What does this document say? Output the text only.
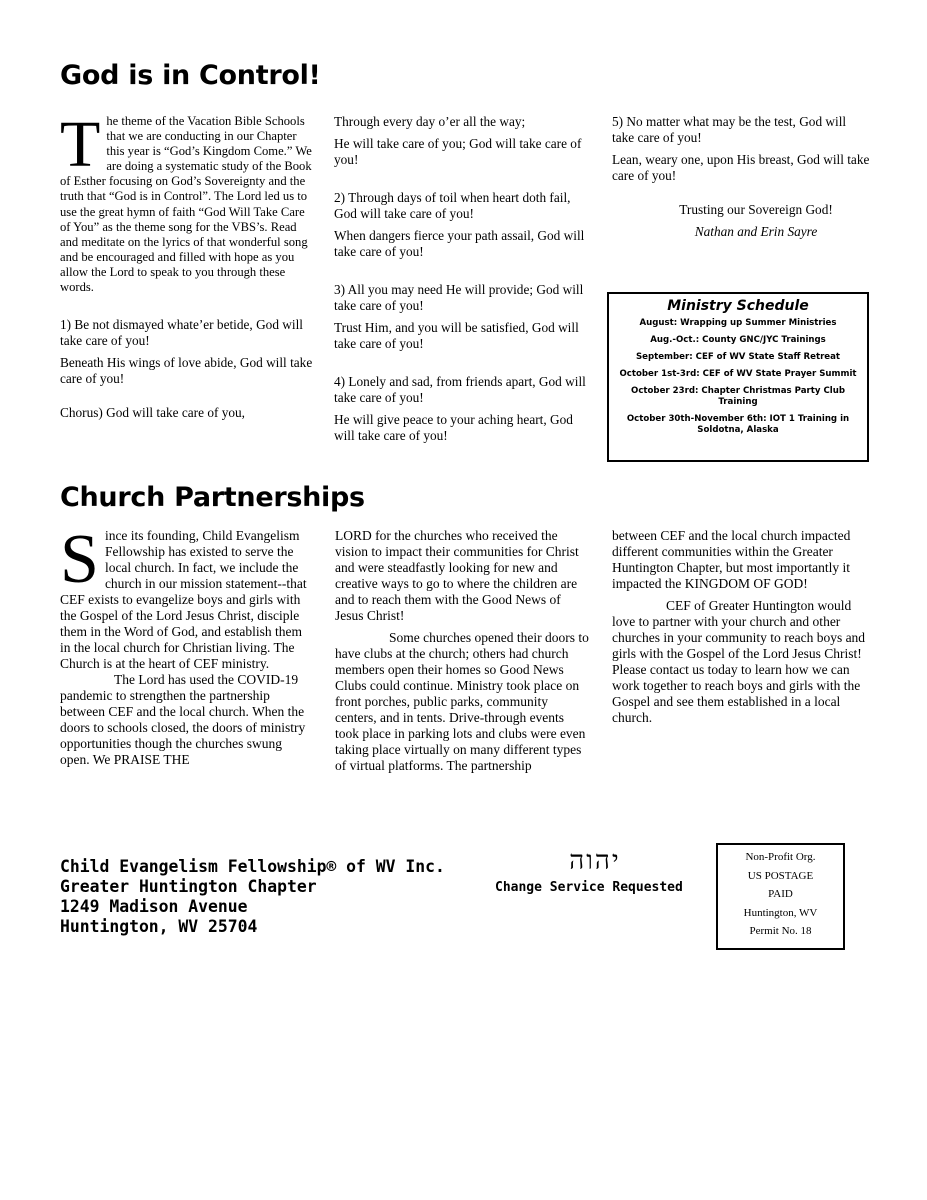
God is in Control!

The theme of the Vacation Bible Schools that we are conducting in our Chapter this year is “God’s Kingdom Come.” We are doing a systematic study of the Book of Esther focusing on God’s Sovereignty and the truth that “God is in Control”. The Lord led us to use the great hymn of faith “God Will Take Care of You” as the theme song for the VBS’s. Read and meditate on the lyrics of that wonderful song and be encouraged and filled with hope as you allow the Lord to speak to you through these words.

1) Be not dismayed whate’er betide, God will take care of you!

Beneath His wings of love abide, God will take care of you!

Chorus) God will take care of you,

Through every day o’er all the way;

He will take care of you; God will take care of you!

2) Through days of toil when heart doth fail, God will take care of you!

When dangers fierce your path assail, God will take care of you!

3) All you may need He will provide; God will take care of you!

Trust Him, and you will be satisfied, God will take care of you!

4) Lonely and sad, from friends apart, God will take care of you!

He will give peace to your aching heart, God will take care of you!

5) No matter what may be the test, God will take care of you!

Lean, weary one, upon His breast, God will take care of you!

Trusting our Sovereign God!

Nathan and Erin Sayre

Ministry Schedule
August: Wrapping up Summer Ministries
Aug.-Oct.: County GNC/JYC Trainings
September: CEF of WV State Staff Retreat
October 1st-3rd: CEF of WV State Prayer Summit
October 23rd: Chapter Christmas Party Club Training
October 30th-November 6th: IOT 1 Training in Soldotna, Alaska
Church Partnerships

Since its founding, Child Evangelism Fellowship has existed to serve the local church. In fact, we include the church in our mission statement--that CEF exists to evangelize boys and girls with the Gospel of the Lord Jesus Christ, disciple them in the Word of God, and establish them in the local church for Christian living. The Church is at the heart of CEF ministry.

The Lord has used the COVID-19 pandemic to strengthen the partnership between CEF and the local church. When the doors to schools closed, the doors of ministry opportunities though the churches swung open. We PRAISE THE

LORD for the churches who received the vision to impact their communities for Christ and were steadfastly looking for new and creative ways to go to where the children are and to reach them with the Good News of Jesus Christ!

Some churches opened their doors to have clubs at the church; others had church members open their homes so Good News Clubs could continue. Ministry took place on front porches, public parks, community centers, and in tents. Drive-through events took place in parking lots and clubs were even taking place virtually on many different types of virtual platforms. The partnership

between CEF and the local church impacted different communities within the Greater Huntington Chapter, but most importantly it impacted the KINGDOM OF GOD!

CEF of Greater Huntington would love to partner with your church and other churches in your community to reach boys and girls with the Gospel of the Lord Jesus Christ! Please contact us today to learn how we can work together to reach boys and girls with the Gospel and see them established in a local church.

Child Evangelism Fellowship® of WV Inc.
Greater Huntington Chapter
1249 Madison Avenue
Huntington, WV 25704
יהוה
Change Service Requested
Non-Profit Org.
US POSTAGE
PAID
Huntington, WV
Permit No. 18
